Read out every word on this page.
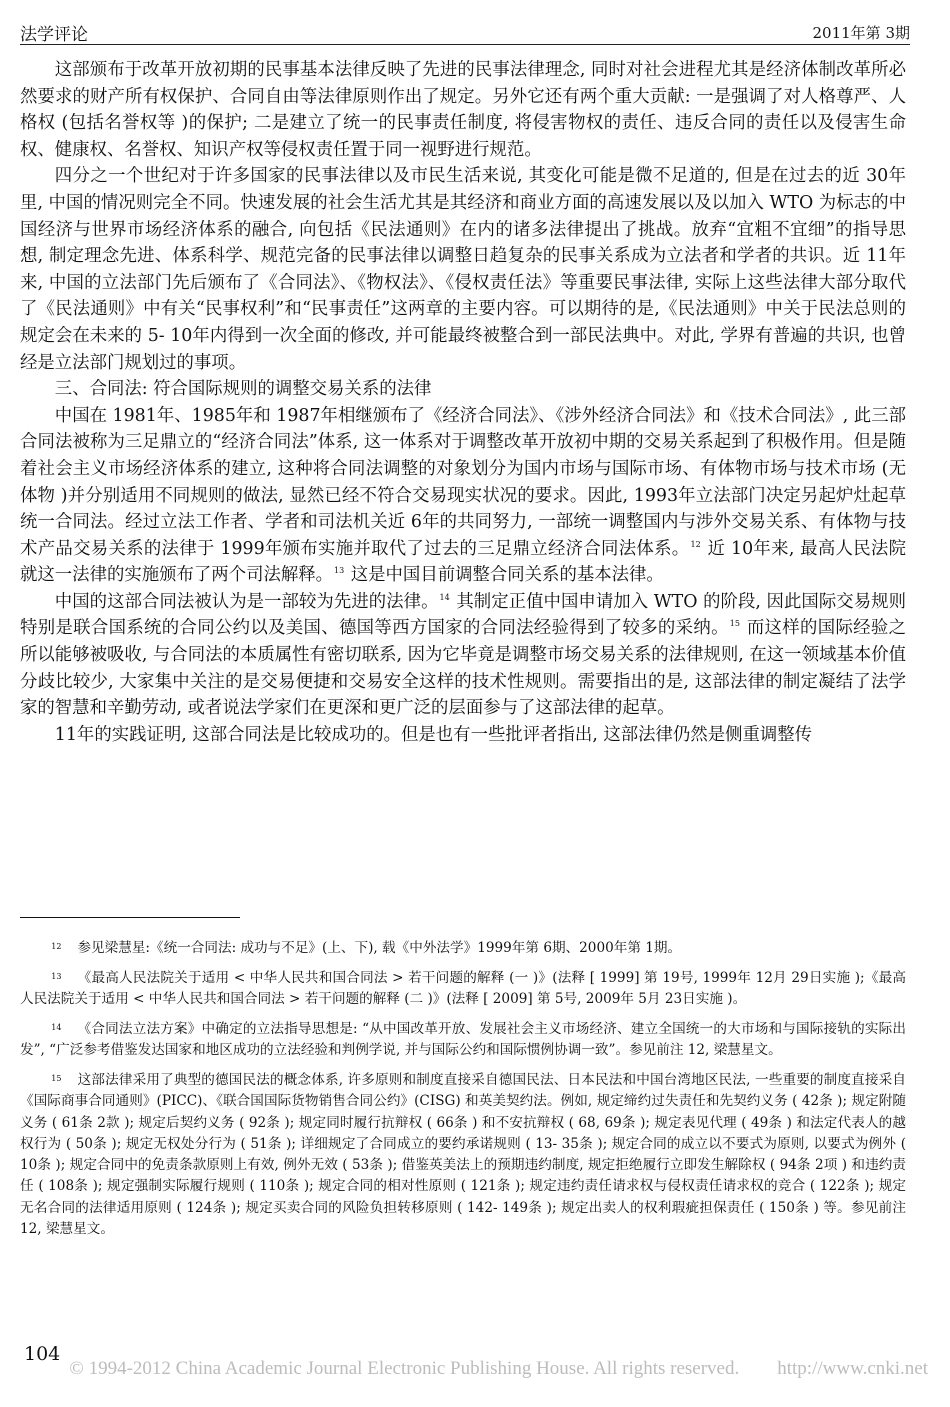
法学评论	2011年第 3期

这部颁布于改革开放初期的民事基本法律反映了先进的民事法律理念, 同时对社会进程尤其是经济体制改革所必然要求的财产所有权保护、合同自由等法律原则作出了规定。另外它还有两个重大贡献: 一是强调了对人格尊严、人格权 (包括名誉权等 )的保护; 二是建立了统一的民事责任制度, 将侵害物权的责任、违反合同的责任以及侵害生命权、健康权、名誉权、知识产权等侵权责任置于同一视野进行规范。

四分之一个世纪对于许多国家的民事法律以及市民生活来说, 其变化可能是微不足道的, 但是在过去的近 30年里, 中国的情况则完全不同。快速发展的社会生活尤其是其经济和商业方面的高速发展以及以加入 WTO 为标志的中国经济与世界市场经济体系的融合, 向包括《民法通则》在内的诸多法律提出了挑战。放弃“宜粗不宜细”的指导思想, 制定理念先进、体系科学、规范完备的民事法律以调整日趋复杂的民事关系成为立法者和学者的共识。近 11年来, 中国的立法部门先后颁布了《合同法》、《物权法》、《侵权责任法》等重要民事法律, 实际上这些法律大部分取代了《民法通则》中有关“民事权利”和“民事责任”这两章的主要内容。可以期待的是,《民法通则》中关于民法总则的规定会在未来的 5- 10年内得到一次全面的修改, 并可能最终被整合到一部民法典中。对此, 学界有普遍的共识, 也曾经是立法部门规划过的事项。

三、合同法: 符合国际规则的调整交易关系的法律

中国在 1981年、1985年和 1987年相继颁布了《经济合同法》、《涉外经济合同法》和《技术合同法》, 此三部合同法被称为三足鼎立的“经济合同法”体系, 这一体系对于调整改革开放初中期的交易关系起到了积极作用。但是随着社会主义市场经济体系的建立, 这种将合同法调整的对象划分为国内市场与国际市场、有体物市场与技术市场 (无体物 )并分别适用不同规则的做法, 显然已经不符合交易现实状况的要求。因此, 1993年立法部门决定另起炉灶起草统一合同法。经过立法工作者、学者和司法机关近 6年的共同努力, 一部统一调整国内与涉外交易关系、有体物与技术产品交易关系的法律于 1999年颁布实施并取代了过去的三足鼎立经济合同法体系。$^{12}$ 近 10年来, 最高人民法院就这一法律的实施颁布了两个司法解释。$^{13}$ 这是中国目前调整合同关系的基本法律。

中国的这部合同法被认为是一部较为先进的法律。$^{14}$ 其制定正值中国申请加入 WTO 的阶段, 因此国际交易规则特别是联合国系统的合同公约以及美国、德国等西方国家的合同法经验得到了较多的采纳。$^{15}$ 而这样的国际经验之所以能够被吸收, 与合同法的本质属性有密切联系, 因为它毕竟是调整市场交易关系的法律规则, 在这一领域基本价值分歧比较少, 大家集中关注的是交易便捷和交易安全这样的技术性规则。需要指出的是, 这部法律的制定凝结了法学家的智慧和辛勤劳动, 或者说法学家们在更深和更广泛的层面参与了这部法律的起草。

11年的实践证明, 这部合同法是比较成功的。但是也有一些批评者指出, 这部法律仍然是侧重调整传

$^{12}$ 参见梁慧星:《统一合同法: 成功与不足》(上、下), 载《中外法学》1999年第 6期、2000年第 1期。

$^{13}$ 《最高人民法院关于适用 < 中华人民共和国合同法 > 若干问题的解释 (一 )》(法释 [ 1999] 第 19号, 1999年 12月 29日实施 );《最高人民法院关于适用 < 中华人民共和国合同法 > 若干问题的解释 (二 )》(法释 [ 2009] 第 5号, 2009年 5月 23日实施 )。

$^{14}$ 《合同法立法方案》中确定的立法指导思想是: “从中国改革开放、发展社会主义市场经济、建立全国统一的大市场和与国际接轨的实际出发”, “广泛参考借鉴发达国家和地区成功的立法经验和判例学说, 并与国际公约和国际惯例协调一致”。参见前注 12, 梁慧星文。

$^{15}$ 这部法律采用了典型的德国民法的概念体系, 许多原则和制度直接采自德国民法、日本民法和中国台湾地区民法, 一些重要的制度直接采自《国际商事合同通则》(PICC)、《联合国国际货物销售合同公约》(CISG) 和英美契约法。例如, 规定缔约过失责任和先契约义务 ( 42条 ); 规定附随义务 ( 61条 2款 ); 规定后契约义务 ( 92条 ); 规定同时履行抗辩权 ( 66条 ) 和不安抗辩权 ( 68, 69条 ); 规定表见代理 ( 49条 ) 和法定代表人的越权行为 ( 50条 ); 规定无权处分行为 ( 51条 ); 详细规定了合同成立的要约承诺规则 ( 13- 35条 ); 规定合同的成立以不要式为原则, 以要式为例外 ( 10条 ); 规定合同中的免责条款原则上有效, 例外无效 ( 53条 ); 借鉴英美法上的预期违约制度, 规定拒绝履行立即发生解除权 ( 94条 2项 ) 和违约责任 ( 108条 ); 规定强制实际履行规则 ( 110条 ); 规定合同的相对性原则 ( 121条 ); 规定违约责任请求权与侵权责任请求权的竞合 ( 122条 ); 规定无名合同的法律适用原则 ( 124条 ); 规定买卖合同的风险负担转移原则 ( 142- 149条 ); 规定出卖人的权利瑕疵担保责任 ( 150条 ) 等。参见前注 12, 梁慧星文。

104
© 1994-2012 China Academic Journal Electronic Publishing House. All rights reserved. http://www.cnki.net
